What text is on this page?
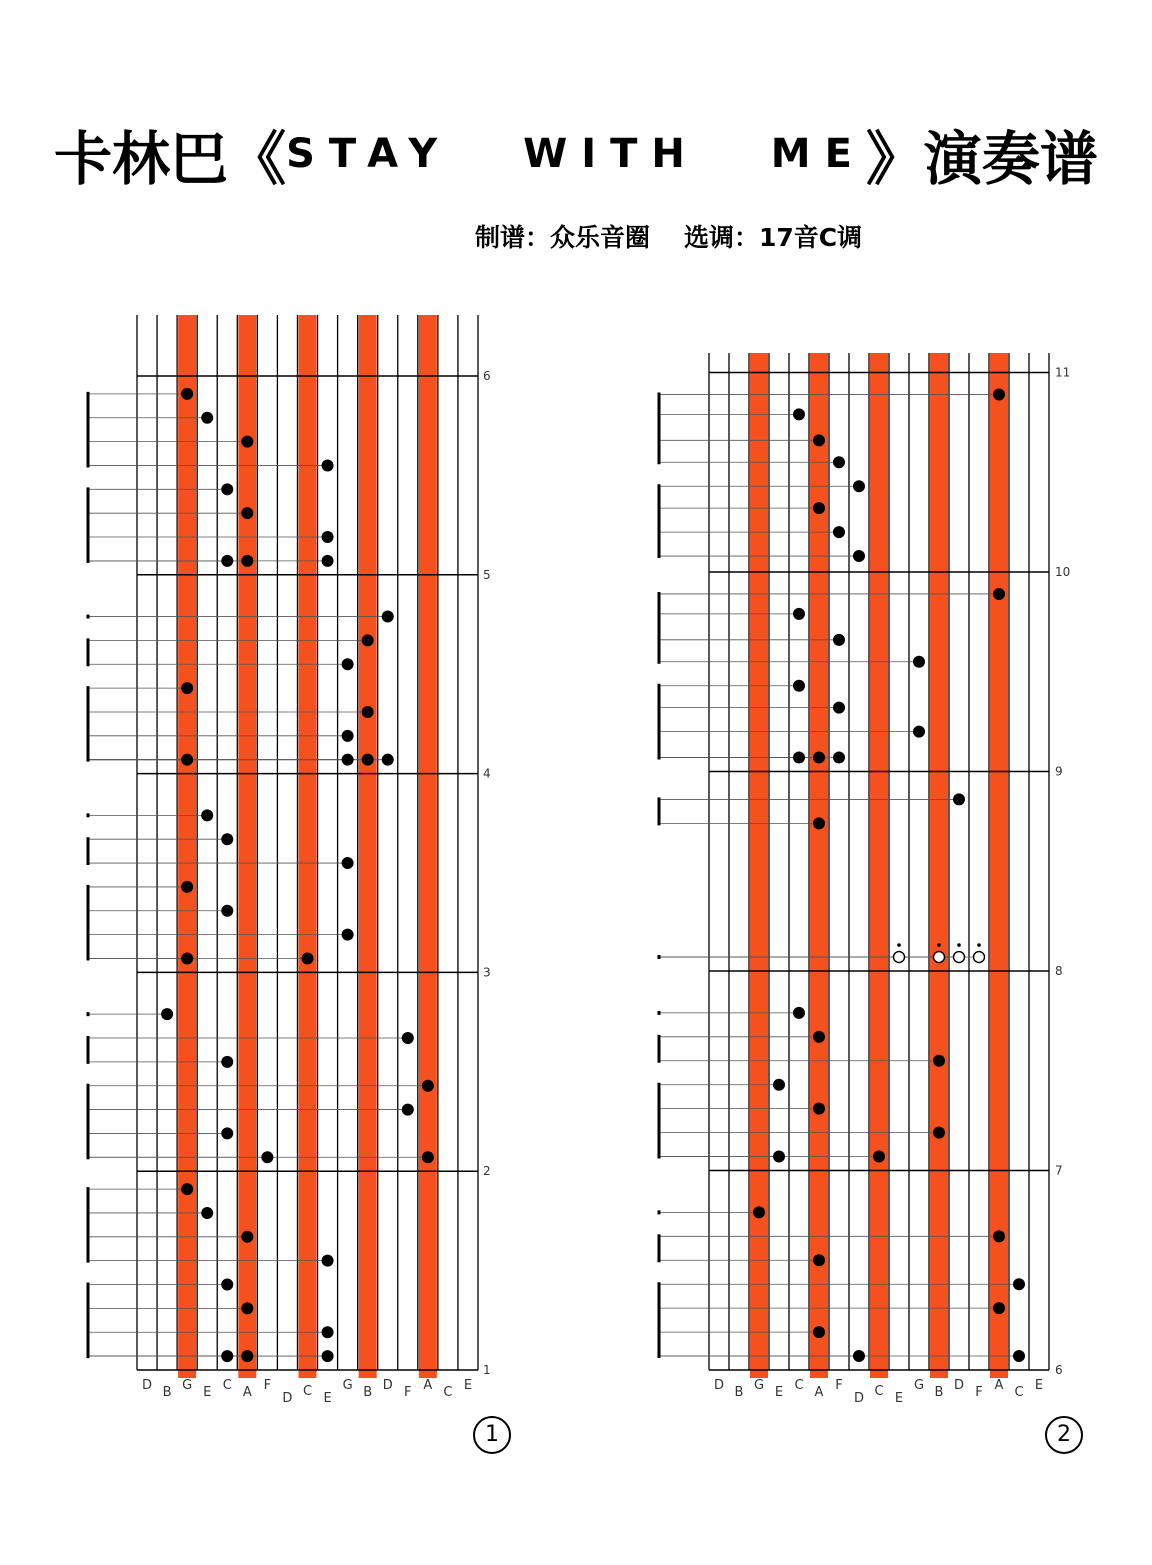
卡林巴《STAY WITH ME》演奏谱
制谱：众乐音圈 选调：17音C调
1
2
3
4
5
6
D B G E C A F
D C E
G B D F A C E
6
7
8
9
10
11
D B G E C A F
D C E
G B D F A C E
1	2
